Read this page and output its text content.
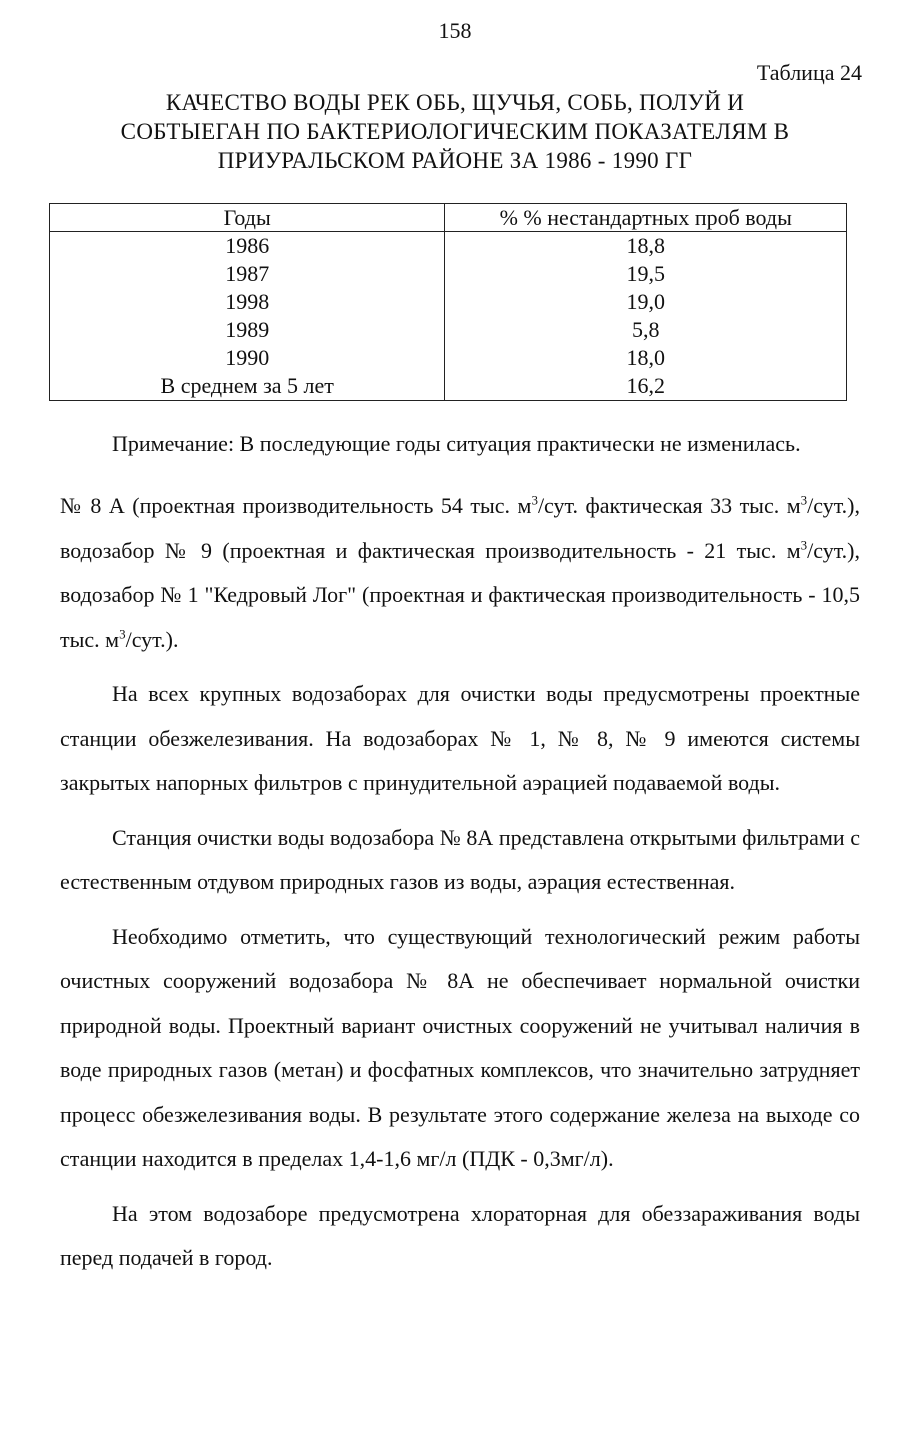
158
Таблица 24
КАЧЕСТВО ВОДЫ РЕК ОБЬ, ЩУЧЬЯ, СОБЬ, ПОЛУЙ И
СОБТЫЕГАН ПО БАКТЕРИОЛОГИЧЕСКИМ ПОКАЗАТЕЛЯМ В
ПРИУРАЛЬСКОМ РАЙОНЕ ЗА 1986 - 1990 ГГ
Годы	% % нестандартных проб воды
1986	18,8
1987	19,5
1998	19,0
1989	5,8
1990	18,0
В среднем за 5 лет	16,2
Примечание: В последующие годы ситуация практически не изменилась.

№ 8 А (проектная производительность 54 тыс. $м^3$/сут. фактическая 33 тыс. $м^3/сут$.), водозабор № 9 (проектная и фактическая производительность - 21 тыс. $м^3/сут$.), водозабор № 1 "Кедровый Лог" (проектная и фактическая производительность - 10,5 тыс. $м^3/сут$.).

На всех крупных водозаборах для очистки воды предусмотрены проектные станции обезжелезивания. На водозаборах № 1, № 8, № 9 имеются системы закрытых напорных фильтров с принудительной аэрацией подаваемой воды.

Станция очистки воды водозабора № 8А представлена открытыми фильтрами с естественным отдувом природных газов из воды, аэрация естественная.

Необходимо отметить, что существующий технологический режим работы очистных сооружений водозабора № 8А не обеспечивает нормальной очистки природной воды. Проектный вариант очистных сооружений не учитывал наличия в воде природных газов (метан) и фосфатных комплексов, что значительно затрудняет процесс обезжелезивания воды. В результате этого содержание железа на выходе со станции находится в пределах 1,4-1,6 мг/л (ПДК - 0,3мг/л).

На этом водозаборе предусмотрена хлораторная для обеззараживания воды перед подачей в город.
